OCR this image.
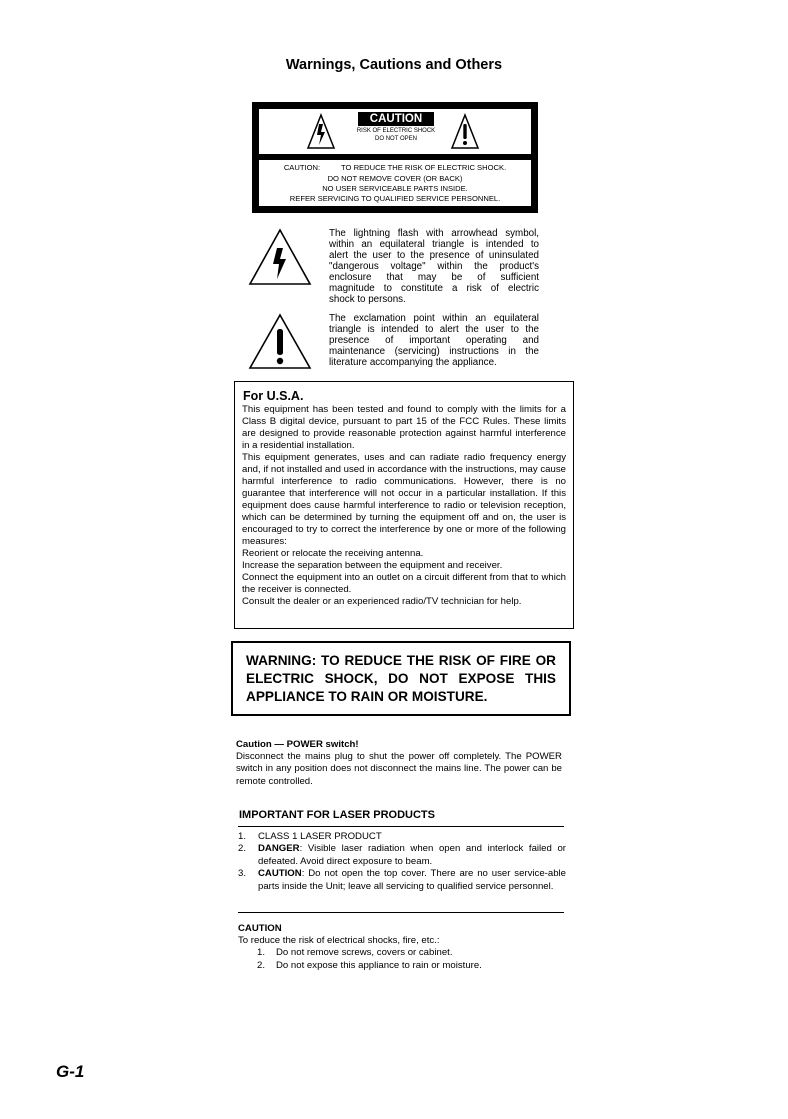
Warnings, Cautions and Others
CAUTION
RISK OF ELECTRIC SHOCK
DO NOT OPEN
CAUTION:          TO REDUCE THE RISK OF ELECTRIC SHOCK.
DO NOT REMOVE COVER (OR BACK)
NO USER SERVICEABLE PARTS INSIDE.
REFER SERVICING TO QUALIFIED SERVICE PERSONNEL.
The lightning flash with arrowhead symbol,
within an equilateral triangle is intended to
alert the user to the presence of uninsulated
"dangerous voltage" within the product's
enclosure that may be of sufficient
magnitude to constitute a risk of electric
shock to persons.
The exclamation point within an equilateral
triangle is intended to alert the user to the
presence of important operating and
maintenance (servicing) instructions in the
literature accompanying the appliance.
For U.S.A.
This equipment has been tested and found to comply with the limits for a Class B digital device, pursuant to part 15 of the FCC Rules. These limits are designed to provide reasonable protection against harmful interference in a residential installation.
This equipment generates, uses and can radiate radio frequency energy and, if not installed and used in accordance with the instructions, may cause harmful interference to radio communications. However, there is no guarantee that interference will not occur in a particular installation. If this equipment does cause harmful interference to radio or television reception, which can be determined by turning the equipment off and on, the user is encouraged to try to correct the interference by one or more of the following measures:
Reorient or relocate the receiving antenna.
Increase the separation between the equipment and receiver.
Connect the equipment into an outlet on a circuit different from that to which the receiver is connected.
Consult the dealer or an experienced radio/TV technician for help.
WARNING: TO REDUCE THE RISK OF FIRE OR ELECTRIC SHOCK, DO NOT EXPOSE THIS APPLIANCE TO RAIN OR MOISTURE.
Caution — POWER switch!
Disconnect the mains plug to shut the power off completely. The POWER switch in any position does not disconnect the mains line. The power can be remote controlled.
IMPORTANT FOR LASER PRODUCTS
1. CLASS 1 LASER PRODUCT
2. DANGER: Visible laser radiation when open and interlock failed or defeated. Avoid direct exposure to beam.
3. CAUTION: Do not open the top cover. There are no user service-able parts inside the Unit; leave all servicing to qualified service personnel.
CAUTION
To reduce the risk of electrical shocks, fire, etc.:
1. Do not remove screws, covers or cabinet.
2. Do not expose this appliance to rain or moisture.
G-1
